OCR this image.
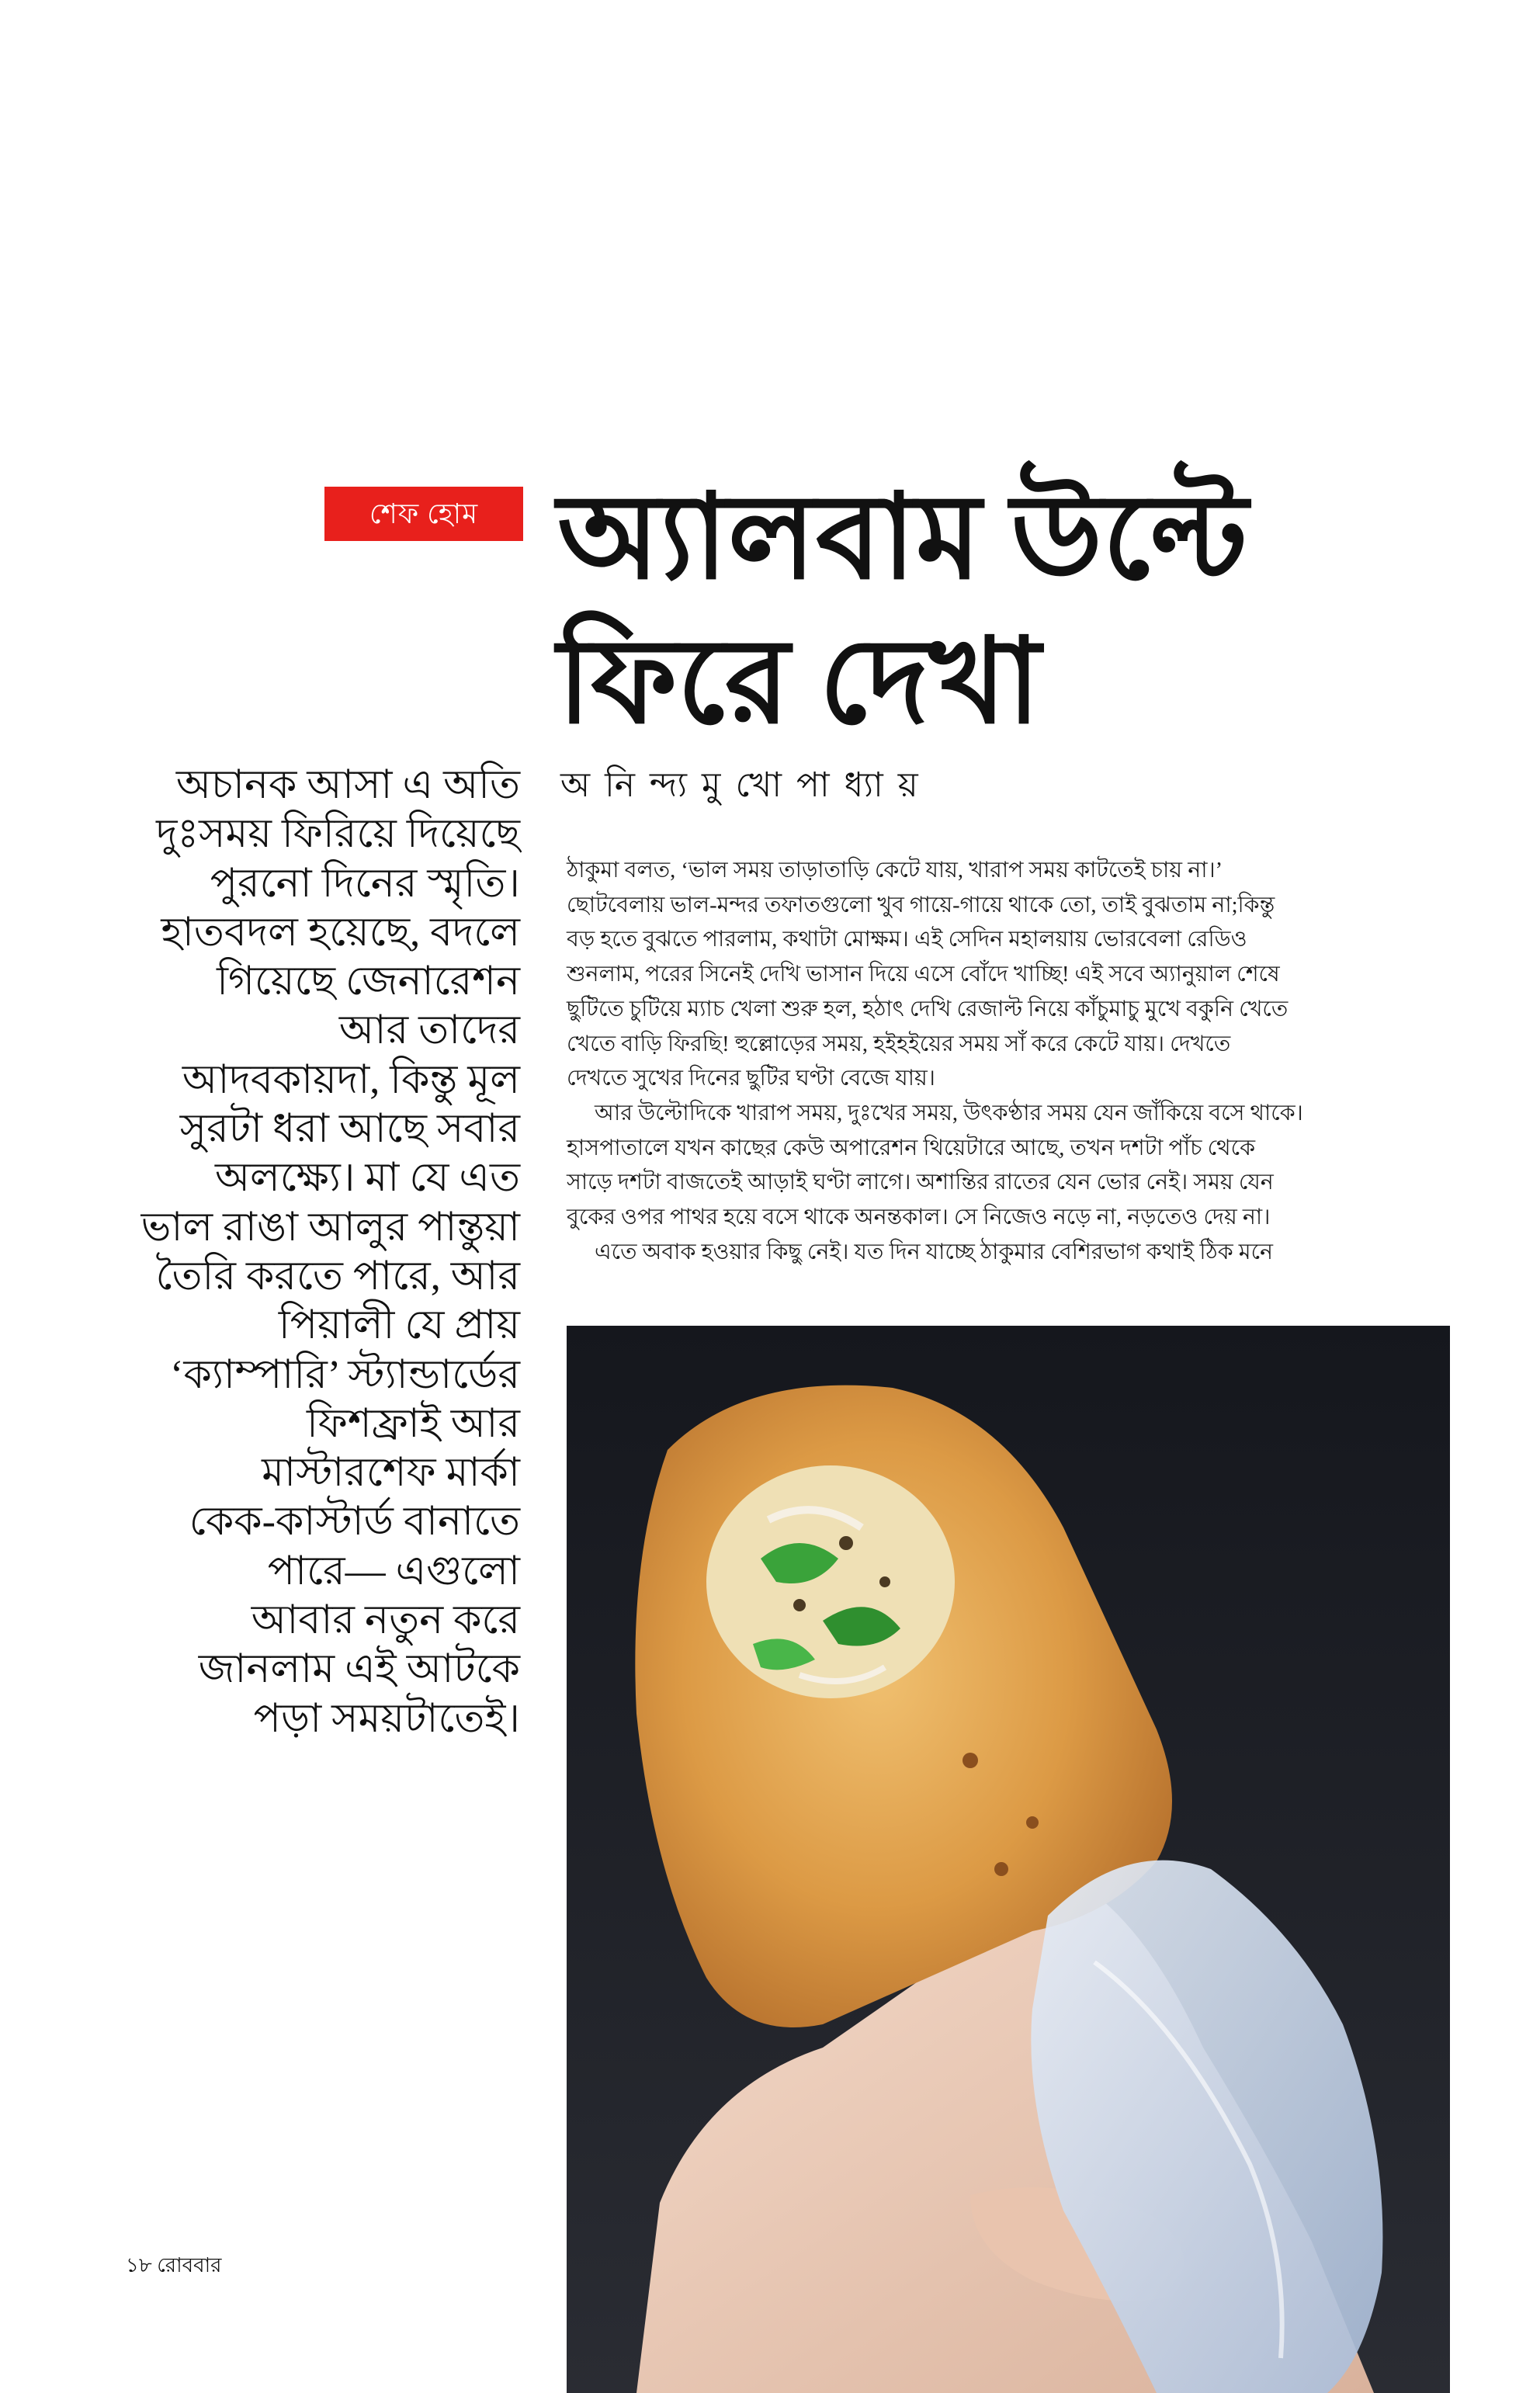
শেফ হোম অ্যালবাম উল্টে
ফিরে দেখা
অচানক আসা এ অতি
দুঃসময় ফিরিয়ে দিয়েছে
পুরনো দিনের স্মৃতি।
হাতবদল হয়েছে, বদলে
গিয়েছে জেনারেশন
আর তাদের
আদবকায়দা, কিন্তু মূল
সুরটা ধরা আছে সবার
অলক্ষ্যে। মা যে এত
ভাল রাঙা আলুর পান্তুয়া
তৈরি করতে পারে, আর
পিয়ালী যে প্রায়
‘ক্যাম্পারি’ স্ট্যান্ডার্ডের
ফিশফ্রাই আর
মাস্টারশেফ মার্কা
কেক-কাস্টার্ড বানাতে
পারে— এগুলো
আবার নতুন করে
জানলাম এই আটকে
পড়া সময়টাতেই।
অ নি ন্দ্য মু খো পা ধ্যা য়
ঠাকুমা বলত, ‘ভাল সময় তাড়াতাড়ি কেটে যায়, খারাপ সময় কাটতেই চায় না।’
ছোটবেলায় ভাল-মন্দর তফাতগুলো খুব গায়ে-গায়ে থাকে তো, তাই বুঝতাম না;কিন্তু
বড় হতে বুঝতে পারলাম, কথাটা মোক্ষম। এই সেদিন মহালয়ায় ভোরবেলা রেডিও
শুনলাম, পরের সিনেই দেখি ভাসান দিয়ে এসে বোঁদে খাচ্ছি! এই সবে অ্যানুয়াল শেষে
ছুটিতে চুটিয়ে ম্যাচ খেলা শুরু হল, হঠাৎ দেখি রেজাল্ট নিয়ে কাঁচুমাচু মুখে বকুনি খেতে
খেতে বাড়ি ফিরছি! হুল্লোড়ের সময়, হইহইয়ের সময় সাঁ করে কেটে যায়। দেখতে
দেখতে সুখের দিনের ছুটির ঘণ্টা বেজে যায়।
আর উল্টোদিকে খারাপ সময়, দুঃখের সময়, উৎকণ্ঠার সময় যেন জাঁকিয়ে বসে থাকে।
হাসপাতালে যখন কাছের কেউ অপারেশন থিয়েটারে আছে, তখন দশটা পাঁচ থেকে
সাড়ে দশটা বাজতেই আড়াই ঘণ্টা লাগে। অশান্তির রাতের যেন ভোর নেই। সময় যেন
বুকের ওপর পাথর হয়ে বসে থাকে অনন্তকাল। সে নিজেও নড়ে না, নড়তেও দেয় না।
এতে অবাক হওয়ার কিছু নেই। যত দিন যাচ্ছে ঠাকুমার বেশিরভাগ কথাই ঠিক মনে
১৮ রোববার
